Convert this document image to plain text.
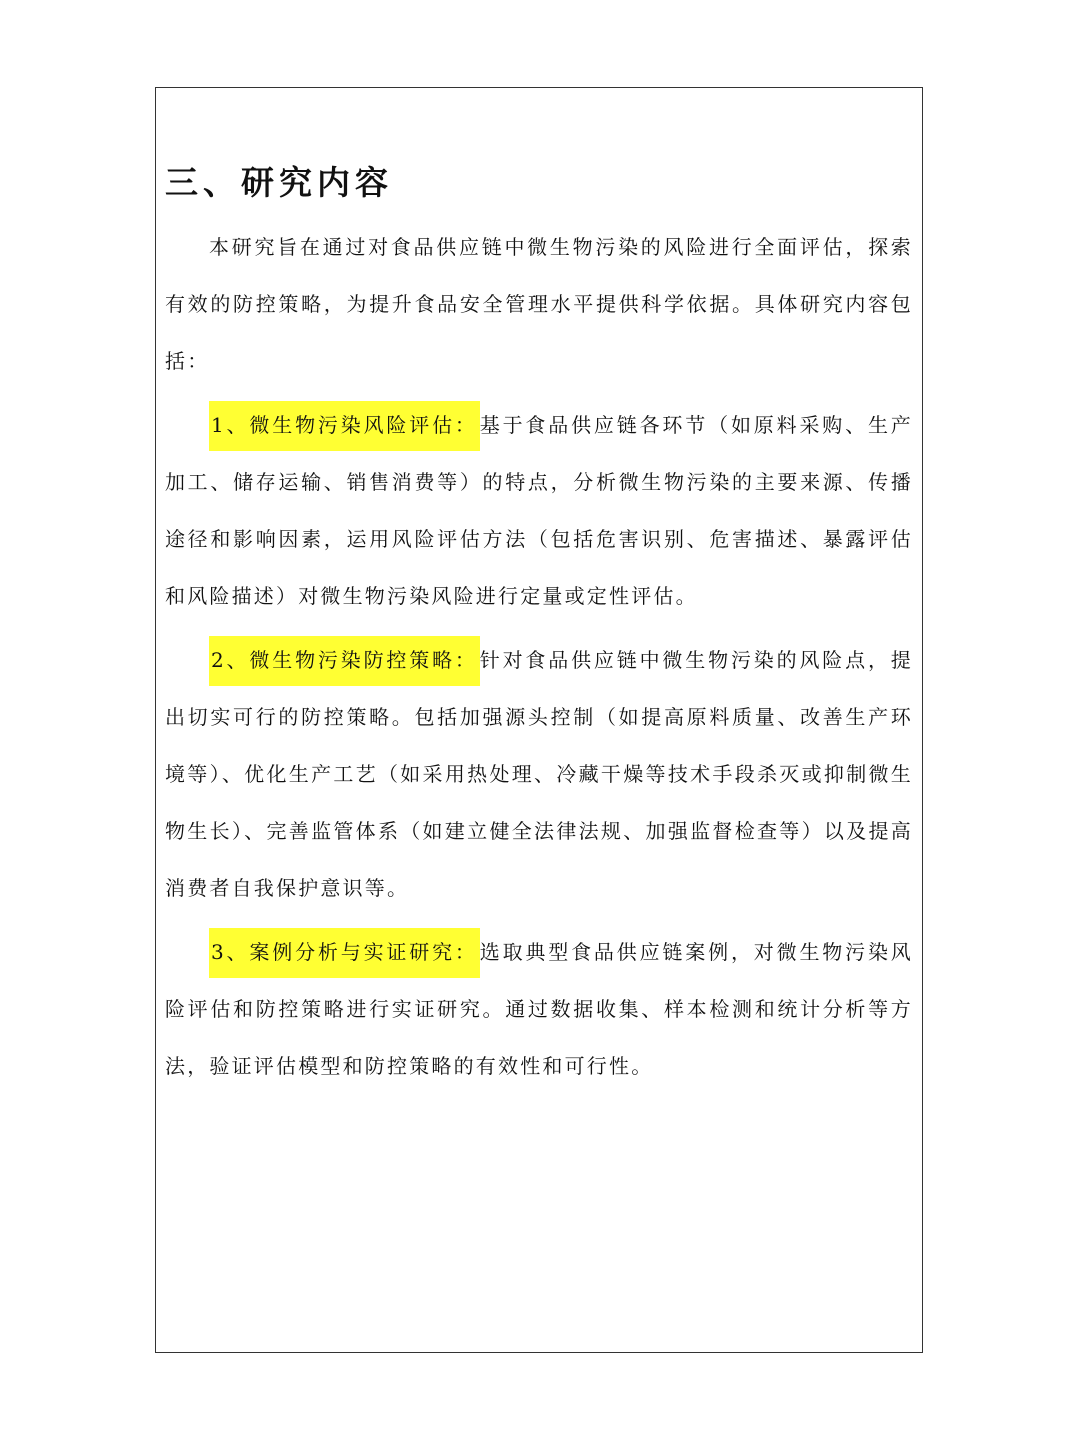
三、研究内容

本研究旨在通过对食品供应链中微生物污染的风险进行全面评估，探索有效的防控策略，为提升食品安全管理水平提供科学依据。具体研究内容包括：

1、微生物污染风险评估： 基于食品供应链各环节（如原料采购、生产加工、储存运输、销售消费等）的特点，分析微生物污染的主要来源、传播途径和影响因素，运用风险评估方法（包括危害识别、危害描述、暴露评估和风险描述）对微生物污染风险进行定量或定性评估。

2、微生物污染防控策略： 针对食品供应链中微生物污染的风险点，提出切实可行的防控策略。包括加强源头控制（如提高原料质量、改善生产环境等）、优化生产工艺（如采用热处理、冷藏干燥等技术手段杀灭或抑制微生物生长）、完善监管体系（如建立健全法律法规、加强监督检查等）以及提高消费者自我保护意识等。

3、案例分析与实证研究： 选取典型食品供应链案例，对微生物污染风险评估和防控策略进行实证研究。通过数据收集、样本检测和统计分析等方法，验证评估模型和防控策略的有效性和可行性。
